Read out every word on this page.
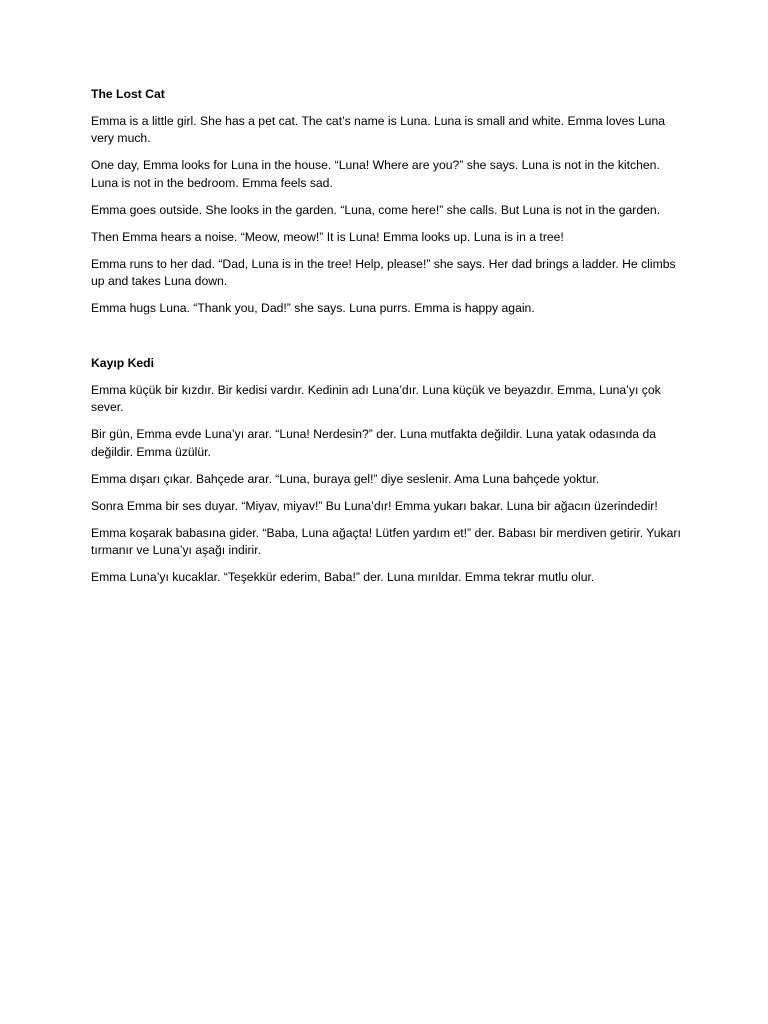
The Lost Cat

Emma is a little girl. She has a pet cat. The cat’s name is Luna. Luna is small and white. Emma loves Luna very much.

One day, Emma looks for Luna in the house. “Luna! Where are you?” she says. Luna is not in the kitchen. Luna is not in the bedroom. Emma feels sad.

Emma goes outside. She looks in the garden. “Luna, come here!” she calls. But Luna is not in the garden.

Then Emma hears a noise. “Meow, meow!” It is Luna! Emma looks up. Luna is in a tree!

Emma runs to her dad. “Dad, Luna is in the tree! Help, please!” she says. Her dad brings a ladder. He climbs up and takes Luna down.

Emma hugs Luna. “Thank you, Dad!” she says. Luna purrs. Emma is happy again.

Kayıp Kedi

Emma küçük bir kızdır. Bir kedisi vardır. Kedinin adı Luna’dır. Luna küçük ve beyazdır. Emma, Luna’yı çok sever.

Bir gün, Emma evde Luna’yı arar. “Luna! Nerdesin?” der. Luna mutfakta değildir. Luna yatak odasında da değildir. Emma üzülür.

Emma dışarı çıkar. Bahçede arar. “Luna, buraya gel!” diye seslenir. Ama Luna bahçede yoktur.

Sonra Emma bir ses duyar. “Miyav, miyav!” Bu Luna’dır! Emma yukarı bakar. Luna bir ağacın üzerindedir!

Emma koşarak babasına gider. “Baba, Luna ağaçta! Lütfen yardım et!” der. Babası bir merdiven getirir. Yukarı tırmanır ve Luna’yı aşağı indirir.

Emma Luna’yı kucaklar. “Teşekkür ederim, Baba!” der. Luna mırıldar. Emma tekrar mutlu olur.
